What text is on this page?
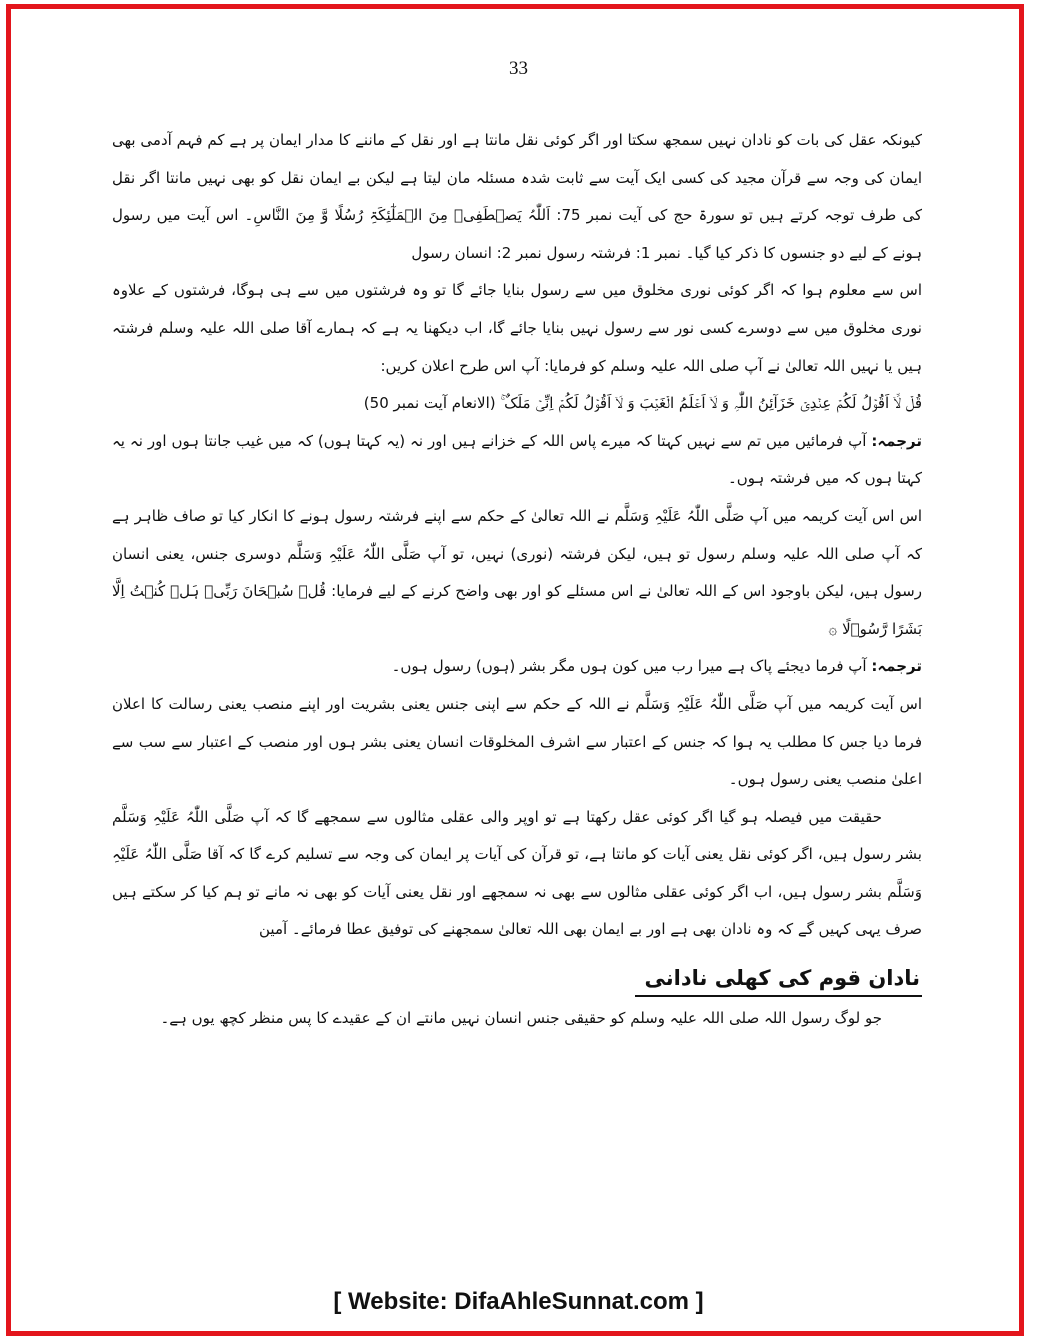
33

کیونکہ عقل کی بات کو نادان نہیں سمجھ سکتا اور اگر کوئی نقل مانتا ہے اور نقل کے ماننے کا مدار ایمان پر ہے کم فہم آدمی بھی ایمان کی وجہ سے قرآن مجید کی کسی ایک آیت سے ثابت شدہ مسئلہ مان لیتا ہے لیکن بے ایمان نقل کو بھی نہیں مانتا اگر نقل کی طرف توجہ کرتے ہیں تو سورۃ حج کی آیت نمبر 75: اَللّٰہُ یَصۡطَفِیۡ مِنَ الۡمَلٰٓئِکَۃِ رُسُلًا وَّ مِنَ النَّاسِ۔ اس آیت میں رسول ہونے کے لیے دو جنسوں کا ذکر کیا گیا۔ نمبر 1: فرشتہ رسول نمبر 2: انسان رسول

اس سے معلوم ہوا کہ اگر کوئی نوری مخلوق میں سے رسول بنایا جائے گا تو وہ فرشتوں میں سے ہی ہوگا، فرشتوں کے علاوہ نوری مخلوق میں سے دوسرے کسی نور سے رسول نہیں بنایا جائے گا، اب دیکھنا یہ ہے کہ ہمارے آقا صلی اللہ علیہ وسلم فرشتہ ہیں یا نہیں اللہ تعالیٰ نے آپ صلی اللہ علیہ وسلم کو فرمایا: آپ اس طرح اعلان کریں:

قُلۡ لَّاۤ اَقُوۡلُ لَکُمۡ عِنۡدِیۡ خَزَآئِنُ اللّٰہِ وَ لَاۤ اَعۡلَمُ الۡغَیۡبَ وَ لَاۤ اَقُوۡلُ لَکُمۡ اِنِّیۡ مَلَکٌ ۚ (الانعام آیت نمبر 50)

ترجمہ: آپ فرمائیں میں تم سے نہیں کہتا کہ میرے پاس اللہ کے خزانے ہیں اور نہ (یہ کہتا ہوں) کہ میں غیب جانتا ہوں اور نہ یہ کہتا ہوں کہ میں فرشتہ ہوں۔

اس اس آیت کریمہ میں آپ صَلَّی اللّٰہُ عَلَیْہِ وَسَلَّم نے اللہ تعالیٰ کے حکم سے اپنے فرشتہ رسول ہونے کا انکار کیا تو صاف ظاہر ہے کہ آپ صلی اللہ علیہ وسلم رسول تو ہیں، لیکن فرشتہ (نوری) نہیں، تو آپ صَلَّی اللّٰہُ عَلَیْہِ وَسَلَّم دوسری جنس، یعنی انسان رسول ہیں، لیکن باوجود اس کے اللہ تعالیٰ نے اس مسئلے کو اور بھی واضح کرنے کے لیے فرمایا: قُلۡ سُبۡحَانَ رَبِّیۡ ہَلۡ کُنۡتُ اِلَّا بَشَرًا رَّسُوۡلًا ۞

ترجمہ: آپ فرما دیجئے پاک ہے میرا رب میں کون ہوں مگر بشر (ہوں) رسول ہوں۔

اس آیت کریمہ میں آپ صَلَّی اللّٰہُ عَلَیْہِ وَسَلَّم نے اللہ کے حکم سے اپنی جنس یعنی بشریت اور اپنے منصب یعنی رسالت کا اعلان فرما دیا جس کا مطلب یہ ہوا کہ جنس کے اعتبار سے اشرف المخلوقات انسان یعنی بشر ہوں اور منصب کے اعتبار سے سب سے اعلیٰ منصب یعنی رسول ہوں۔

حقیقت میں فیصلہ ہو گیا اگر کوئی عقل رکھتا ہے تو اوپر والی عقلی مثالوں سے سمجھے گا کہ آپ صَلَّی اللّٰہُ عَلَیْہِ وَسَلَّم بشر رسول ہیں، اگر کوئی نقل یعنی آیات کو مانتا ہے، تو قرآن کی آیات پر ایمان کی وجہ سے تسلیم کرے گا کہ آقا صَلَّی اللّٰہُ عَلَیْہِ وَسَلَّم بشر رسول ہیں، اب اگر کوئی عقلی مثالوں سے بھی نہ سمجھے اور نقل یعنی آیات کو بھی نہ مانے تو ہم کیا کر سکتے ہیں صرف یہی کہیں گے کہ وہ نادان بھی ہے اور بے ایمان بھی اللہ تعالیٰ سمجھنے کی توفیق عطا فرمائے۔ آمین

نادان قوم کی کھلی نادانی

جو لوگ رسول اللہ صلی اللہ علیہ وسلم کو حقیقی جنس انسان نہیں مانتے ان کے عقیدے کا پس منظر کچھ یوں ہے۔

[ Website: DifaAhleSunnat.com ]
